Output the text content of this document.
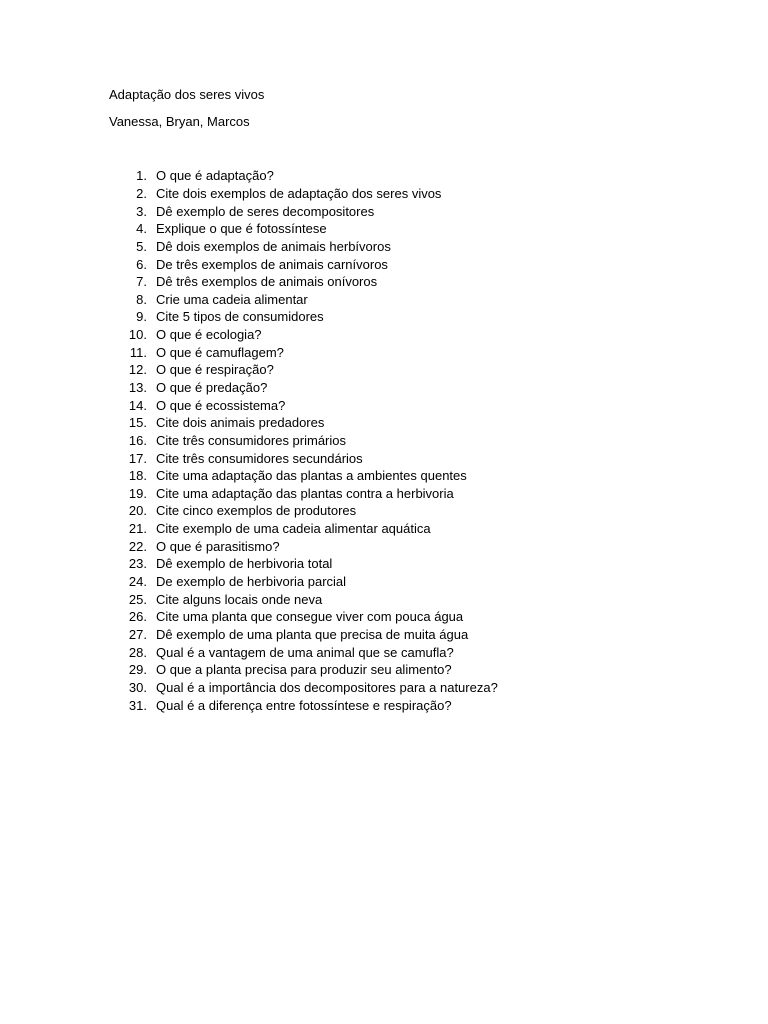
Adaptação dos seres vivos
Vanessa, Bryan, Marcos
1. O que é adaptação?
2. Cite dois exemplos de adaptação dos seres vivos
3. Dê exemplo de seres decompositores
4. Explique o que é fotossíntese
5. Dê dois exemplos de animais herbívoros
6. De três exemplos de animais carnívoros
7. Dê três exemplos de animais onívoros
8. Crie uma cadeia alimentar
9. Cite 5 tipos de consumidores
10. O que é ecologia?
11. O que é camuflagem?
12. O que é respiração?
13. O que é predação?
14. O que é ecossistema?
15. Cite dois animais predadores
16. Cite três consumidores primários
17. Cite três consumidores secundários
18. Cite uma adaptação das plantas a ambientes quentes
19. Cite uma adaptação das plantas contra a herbivoria
20. Cite cinco exemplos de produtores
21. Cite exemplo de uma cadeia alimentar aquática
22. O que é parasitismo?
23. Dê exemplo de herbivoria total
24. De exemplo de herbivoria parcial
25. Cite alguns locais onde neva
26. Cite uma planta que consegue viver com pouca água
27. Dê exemplo de uma planta que precisa de muita água
28. Qual é a vantagem de uma animal que se camufla?
29. O que a planta precisa para produzir seu alimento?
30. Qual é a importância dos decompositores para a natureza?
31. Qual é a diferença entre fotossíntese e respiração?
